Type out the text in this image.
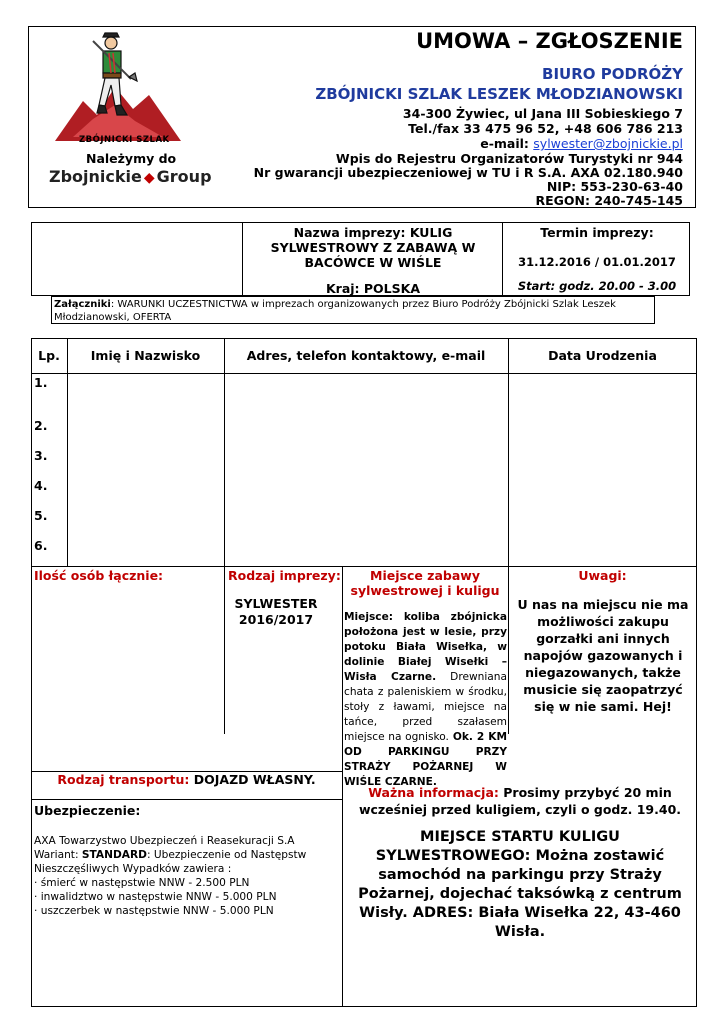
ZBÓJNICKI SZLAK
Należymy do
Zbojnickie ◆ Group
UMOWA – ZGŁOSZENIE
BIURO PODRÓŻY
ZBÓJNICKI SZLAK LESZEK MŁODZIANOWSKI
34-300 Żywiec, ul Jana III Sobieskiego 7
Tel./fax 33 475 96 52, +48 606 786 213
e-mail: sylwester@zbojnickie.pl
Wpis do Rejestru Organizatorów Turystyki nr 944
Nr gwarancji ubezpieczeniowej w TU i R S.A. AXA 02.180.940
NIP: 553-230-63-40
REGON: 240-745-145
Nazwa imprezy: KULIG SYLWESTROWY Z ZABAWĄ W BACÓWCE W WIŚLE
Kraj: POLSKA
Termin imprezy:
31.12.2016 / 01.01.2017
Start: godz. 20.00 - 3.00
Załączniki: WARUNKI UCZESTNICTWA w imprezach organizowanych przez Biuro Podróży Zbójnicki Szlak Leszek Młodzianowski, OFERTA
Lp.	Imię i Nazwisko	Adres, telefon kontaktowy, e-mail	Data Urodzenia
1.
2.
3.
4.
5.
6.
Ilość osób łącznie:	Rodzaj imprezy:
SYLWESTER 2016/2017
Miejsce zabawy sylwestrowej i kuligu
Miejsce: koliba zbójnicka położona jest w lesie, przy potoku Biała Wisełka, w dolinie Białej Wisełki – Wisła Czarne. Drewniana chata z paleniskiem w środku, stoły z ławami, miejsce na tańce, przed szałasem miejsce na ognisko. Ok. 2 KM OD PARKINGU PRZY STRAŻY POŻARNEJ W WIŚLE CZARNE.
Uwagi:
U nas na miejscu nie ma możliwości zakupu gorzałki ani innych napojów gazowanych i niegazowanych, także musicie się zaopatrzyć się w nie sami. Hej!
Rodzaj transportu: DOJAZD WŁASNY.
Ubezpieczenie:
AXA Towarzystwo Ubezpieczeń i Reasekuracji S.A
Wariant: STANDARD: Ubezpieczenie od Następstw Nieszczęśliwych Wypadków zawiera :
· śmierć w następstwie NNW - 2.500 PLN
· inwalidztwo w następstwie NNW - 5.000 PLN
· uszczerbek w następstwie NNW - 5.000 PLN
Ważna informacja: Prosimy przybyć 20 min wcześniej przed kuligiem, czyli o godz. 19.40.
MIEJSCE STARTU KULIGU SYLWESTROWEGO: Można zostawić samochód na parkingu przy Straży Pożarnej, dojechać taksówką z centrum Wisły. ADRES: Biała Wisełka 22, 43-460 Wisła.
